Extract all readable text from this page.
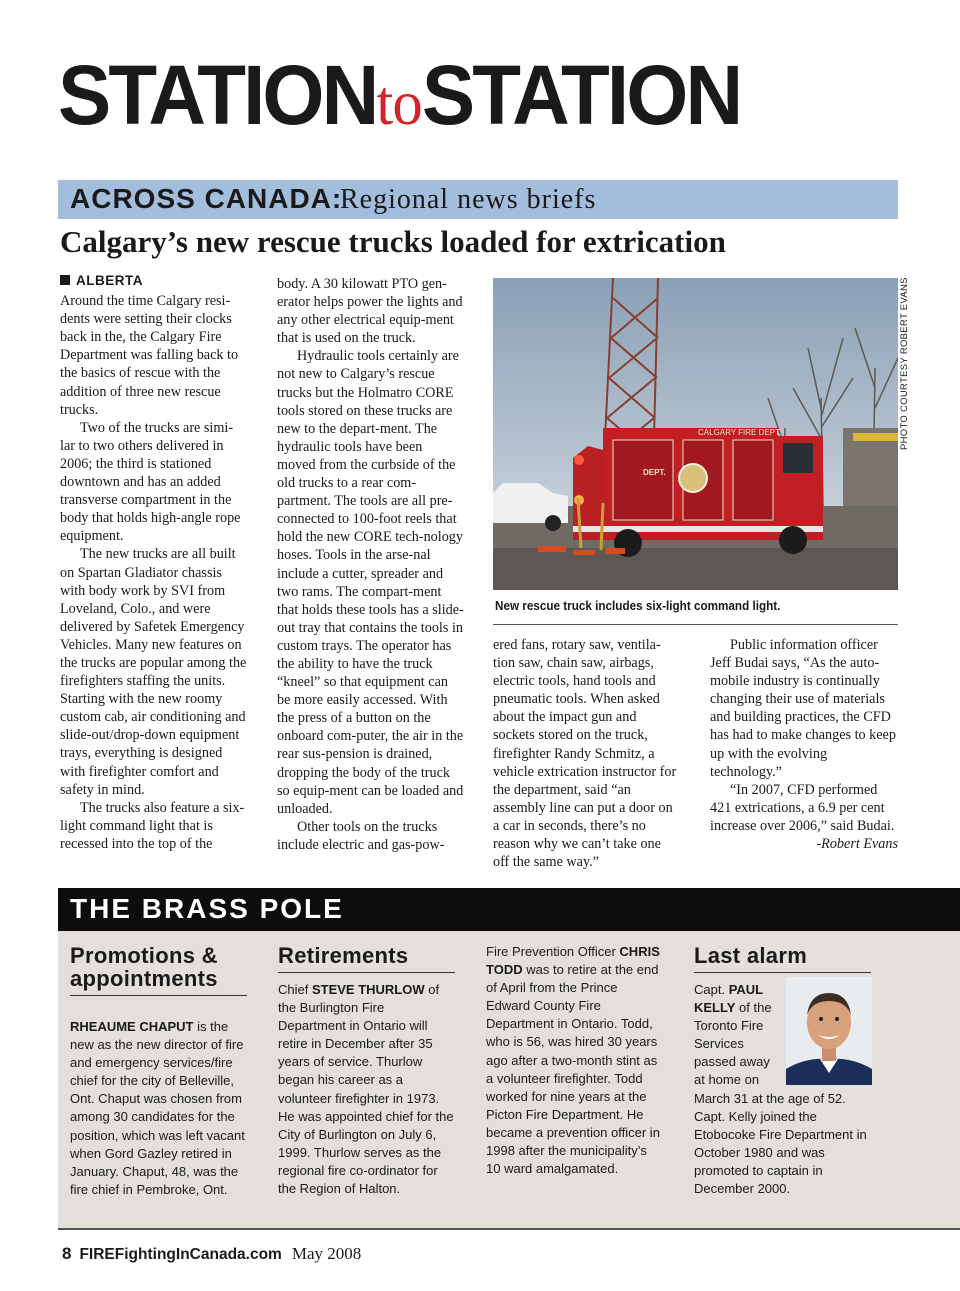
STATIONtoSTATION
ACROSS CANADA:
Regional news briefs
Calgary’s new rescue trucks loaded for extrication
ALBERTA

Around the time Calgary resi-dents were setting their clocks back in the, the Calgary Fire Department was falling back to the basics of rescue with the addition of three new rescue trucks.

Two of the trucks are simi-lar to two others delivered in 2006; the third is stationed downtown and has an added transverse compartment in the body that holds high-angle rope equipment.

The new trucks are all built on Spartan Gladiator chassis with body work by SVI from Loveland, Colo., and were delivered by Safetek Emergency Vehicles. Many new features on the trucks are popular among the firefighters staffing the units. Starting with the new roomy custom cab, air conditioning and slide-out/drop-down equipment trays, everything is designed with firefighter comfort and safety in mind.

The trucks also feature a six-light command light that is recessed into the top of the

body. A 30 kilowatt PTO gen-erator helps power the lights and any other electrical equip-ment that is used on the truck.

Hydraulic tools certainly are not new to Calgary’s rescue trucks but the Holmatro CORE tools stored on these trucks are new to the depart-ment. The hydraulic tools have been moved from the curbside of the old trucks to a rear com-partment. The tools are all pre-connected to 100-foot reels that hold the new CORE tech-nology hoses. Tools in the arse-nal include a cutter, spreader and two rams. The compart-ment that holds these tools has a slide-out tray that contains the tools in custom trays. The operator has the ability to have the truck “kneel” so that equipment can be more easily accessed. With the press of a button on the onboard com-puter, the air in the rear sus-pension is drained, dropping the body of the truck so equip-ment can be loaded and unloaded.

Other tools on the trucks include electric and gas-pow-

CALGARY FIRE DEPT.
DEPT.
PHOTO COURTESY ROBERT EVANS
New rescue truck includes six-light command light.

ered fans, rotary saw, ventila-tion saw, chain saw, airbags, electric tools, hand tools and pneumatic tools. When asked about the impact gun and sockets stored on the truck, firefighter Randy Schmitz, a vehicle extrication instructor for the department, said “an assembly line can put a door on a car in seconds, there’s no reason why we can’t take one off the same way.”

Public information officer Jeff Budai says, “As the auto-mobile industry is continually changing their use of materials and building practices, the CFD has had to make changes to keep up with the evolving technology.”

“In 2007, CFD performed 421 extrications, a 6.9 per cent increase over 2006,” said Budai.

-Robert Evans

THE BRASS POLE
Promotions &
appointments

RHEAUME CHAPUT is the new as the new director of fire and emergency services/fire chief for the city of Belleville, Ont. Chaput was chosen from among 30 candidates for the position, which was left vacant when Gord Gazley retired in January. Chaput, 48, was the fire chief in Pembroke, Ont.

Retirements

Chief STEVE THURLOW of the Burlington Fire Department in Ontario will retire in December after 35 years of service. Thurlow began his career as a volunteer firefighter in 1973. He was appointed chief for the City of Burlington on July 6, 1999. Thurlow serves as the regional fire co-ordinator for the Region of Halton.

Fire Prevention Officer CHRIS TODD was to retire at the end of April from the Prince Edward County Fire Department in Ontario. Todd, who is 56, was hired 30 years ago after a two-month stint as a volunteer firefighter. Todd worked for nine years at the Picton Fire Department. He became a prevention officer in 1998 after the municipality’s 10 ward amalgamated.

Last alarm

Capt. PAUL KELLY of the Toronto Fire Services passed away at home on

March 31 at the age of 52. Capt. Kelly joined the Etobocoke Fire Department in October 1980 and was promoted to captain in December 2000.

8 FIREFightingInCanada.com May 2008
